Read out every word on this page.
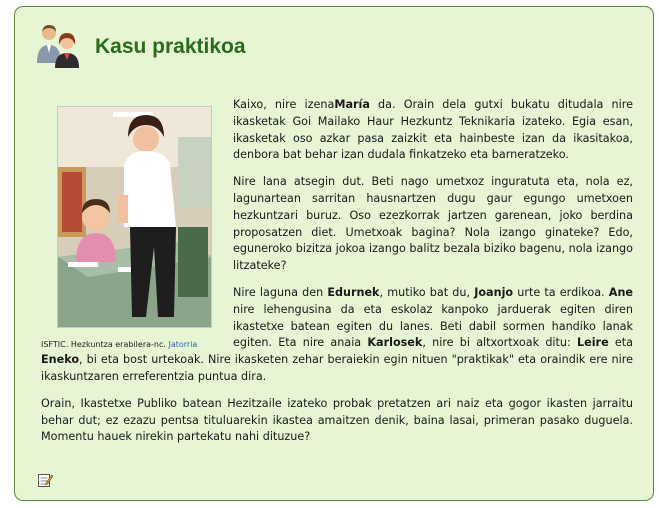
Kasu praktikoa
ISFTIC. Hezkuntza erabilera-nc. Jatorria

Kaixo, nire izenaMaría da. Orain dela gutxi bukatu ditudala nire ikasketak Goi Mailako Haur Hezkuntz Teknikaria izateko. Egia esan, ikasketak oso azkar pasa zaizkit eta hainbeste izan da ikasitakoa, denbora bat behar izan dudala finkatzeko eta barneratzeko.

Nire lana atsegin dut. Beti nago umetxoz inguratuta eta, nola ez, lagunartean sarritan hausnartzen dugu gaur egungo umetxoen hezkuntzari buruz. Oso ezezkorrak jartzen garenean, joko berdina proposatzen diet. Umetxoak bagina? Nola izango ginateke? Edo, eguneroko bizitza jokoa izango balitz bezala biziko bagenu, nola izango litzateke?

Nire laguna den Edurnek, mutiko bat du, Joanjo urte ta erdikoa. Ane nire lehengusina da eta eskolaz kanpoko jarduerak egiten diren ikastetxe batean egiten du lanes. Beti dabil sormen handiko lanak egiten. Eta nire anaia Karlosek, nire bi altxortxoak ditu: Leire eta Eneko, bi eta bost urtekoak. Nire ikasketen zehar beraiekin egin nituen "praktikak" eta oraindik ere nire ikaskuntzaren erreferentzia puntua dira.

Orain, Ikastetxe Publiko batean Hezitzaile izateko probak pretatzen ari naiz eta gogor ikasten jarraitu behar dut; ez ezazu pentsa tituluarekin ikastea amaitzen denik, baina lasai, primeran pasako duguela. Momentu hauek nirekin partekatu nahi dituzue?
